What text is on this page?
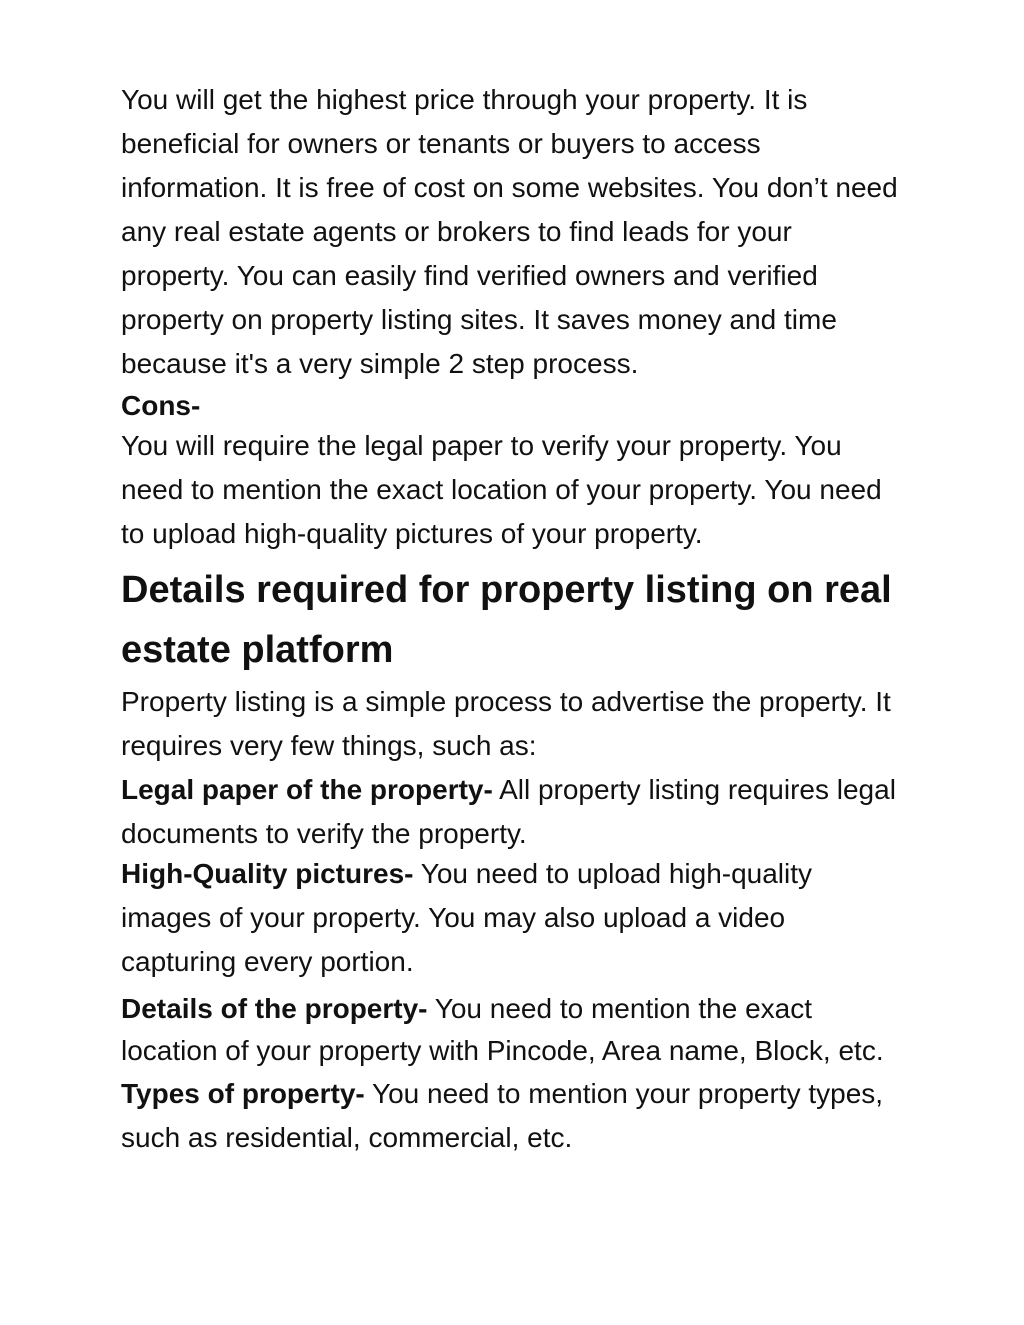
You will get the highest price through your property. It is beneficial for owners or tenants or buyers to access information. It is free of cost on some websites. You don’t need any real estate agents or brokers to find leads for your property. You can easily find verified owners and verified property on property listing sites. It saves money and time because it's a very simple 2 step process.

Cons-

You will require the legal paper to verify your property. You need to mention the exact location of your property. You need to upload high-quality pictures of your property.

Details required for property listing on real estate platform

Property listing is a simple process to advertise the property. It requires very few things, such as:

Legal paper of the property- All property listing requires legal documents to verify the property.

High-Quality pictures- You need to upload high-quality images of your property. You may also upload a video capturing every portion.

Details of the property- You need to mention the exact location of your property with Pincode, Area name, Block, etc.

Types of property- You need to mention your property types, such as residential, commercial, etc.
